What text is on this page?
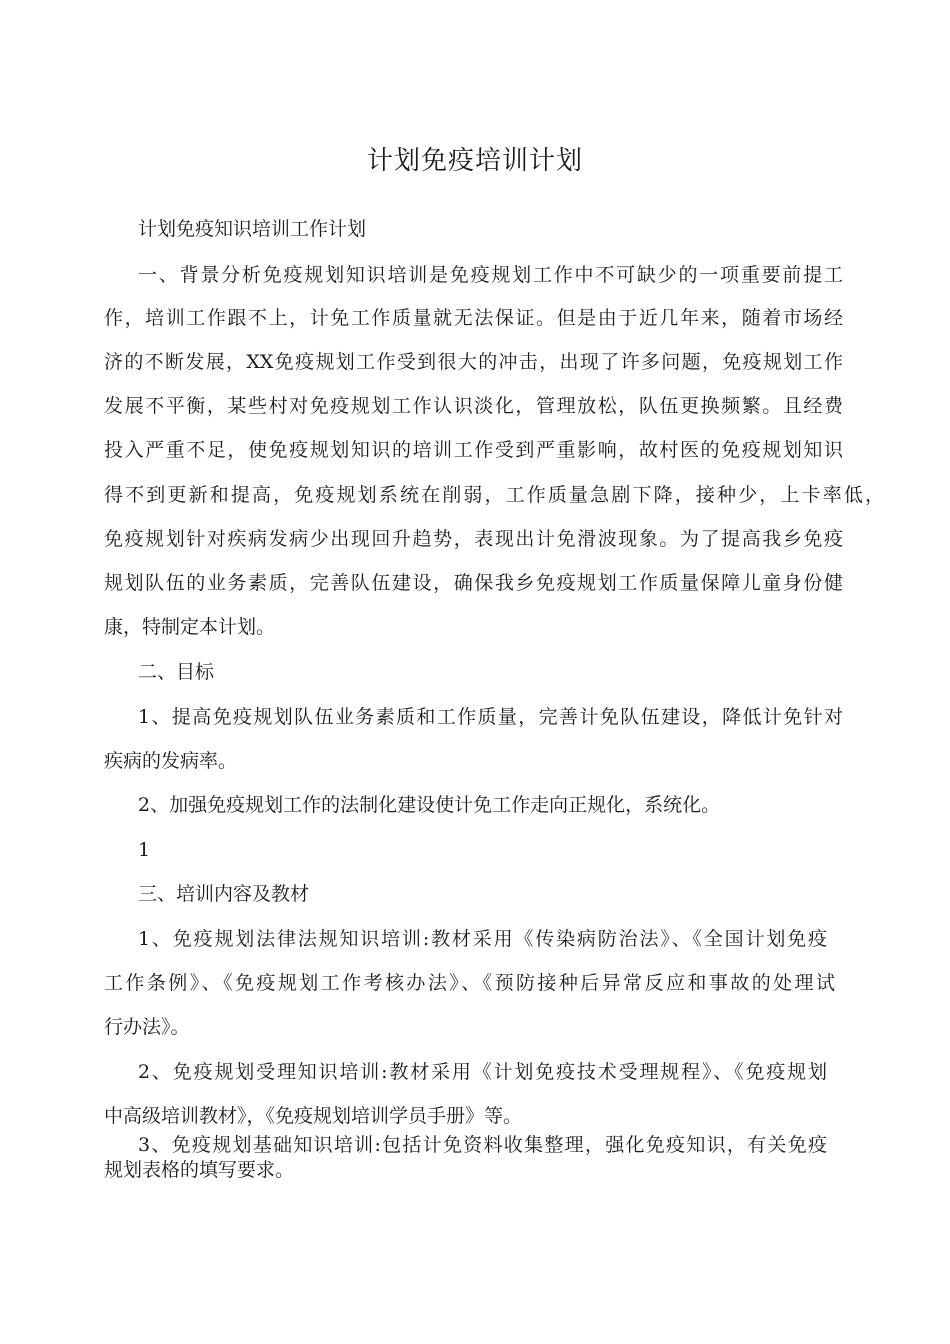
计划免疫培训计划
计划免疫知识培训工作计划
一、背景分析免疫规划知识培训是免疫规划工作中不可缺少的一项重要前提工
作，培训工作跟不上，计免工作质量就无法保证。但是由于近几年来，随着市场经
济的不断发展，XX免疫规划工作受到很大的冲击，出现了许多问题，免疫规划工作
发展不平衡，某些村对免疫规划工作认识淡化，管理放松，队伍更换频繁。且经费
投入严重不足，使免疫规划知识的培训工作受到严重影响，故村医的免疫规划知识
得不到更新和提高，免疫规划系统在削弱，工作质量急剧下降，接种少，上卡率低，
免疫规划针对疾病发病少出现回升趋势，表现出计免滑波现象。为了提高我乡免疫
规划队伍的业务素质，完善队伍建设，确保我乡免疫规划工作质量保障儿童身份健
康，特制定本计划。
二、目标
1、提高免疫规划队伍业务素质和工作质量，完善计免队伍建设，降低计免针对
疾病的发病率。
2、加强免疫规划工作的法制化建设使计免工作走向正规化，系统化。
1
三、培训内容及教材
1、免疫规划法律法规知识培训:教材采用《传染病防治法》、《全国计划免疫
工作条例》、《免疫规划工作考核办法》、《预防接种后异常反应和事故的处理试
行办法》。
2、免疫规划受理知识培训:教材采用《计划免疫技术受理规程》、《免疫规划
中高级培训教材》，《免疫规划培训学员手册》等。
3、免疫规划基础知识培训:包括计免资料收集整理，强化免疫知识，有关免疫
规划表格的填写要求。
